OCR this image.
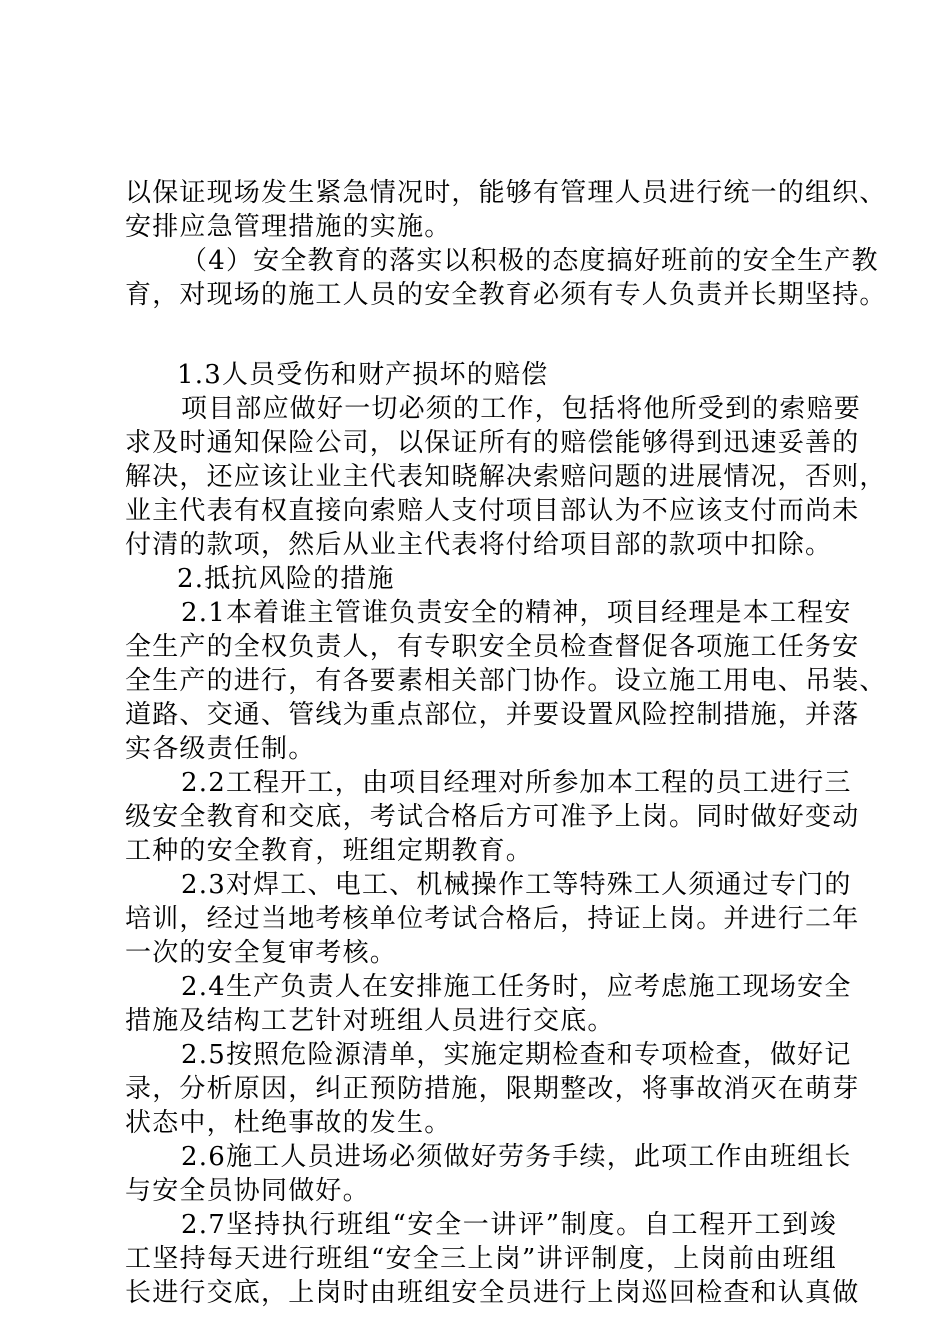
以保证现场发生紧急情况时，能够有管理人员进行统一的组织、
安排应急管理措施的实施。
（4）安全教育的落实以积极的态度搞好班前的安全生产教
育，对现场的施工人员的安全教育必须有专人负责并长期坚持。
1.3人员受伤和财产损坏的赔偿
项目部应做好一切必须的工作，包括将他所受到的索赔要
求及时通知保险公司，以保证所有的赔偿能够得到迅速妥善的
解决，还应该让业主代表知晓解决索赔问题的进展情况，否则，
业主代表有权直接向索赔人支付项目部认为不应该支付而尚未
付清的款项，然后从业主代表将付给项目部的款项中扣除。
2.抵抗风险的措施
2.1本着谁主管谁负责安全的精神，项目经理是本工程安
全生产的全权负责人，有专职安全员检查督促各项施工任务安
全生产的进行，有各要素相关部门协作。设立施工用电、吊装、
道路、交通、管线为重点部位，并要设置风险控制措施，并落
实各级责任制。
2.2工程开工，由项目经理对所参加本工程的员工进行三
级安全教育和交底，考试合格后方可准予上岗。同时做好变动
工种的安全教育，班组定期教育。
2.3对焊工、电工、机械操作工等特殊工人须通过专门的
培训，经过当地考核单位考试合格后，持证上岗。并进行二年
一次的安全复审考核。
2.4生产负责人在安排施工任务时，应考虑施工现场安全
措施及结构工艺针对班组人员进行交底。
2.5按照危险源清单，实施定期检查和专项检查，做好记
录，分析原因，纠正预防措施，限期整改，将事故消灭在萌芽
状态中，杜绝事故的发生。
2.6施工人员进场必须做好劳务手续，此项工作由班组长
与安全员协同做好。
2.7坚持执行班组“安全一讲评”制度。自工程开工到竣
工坚持每天进行班组“安全三上岗”讲评制度，上岗前由班组
长进行交底，上岗时由班组安全员进行上岗巡回检查和认真做
